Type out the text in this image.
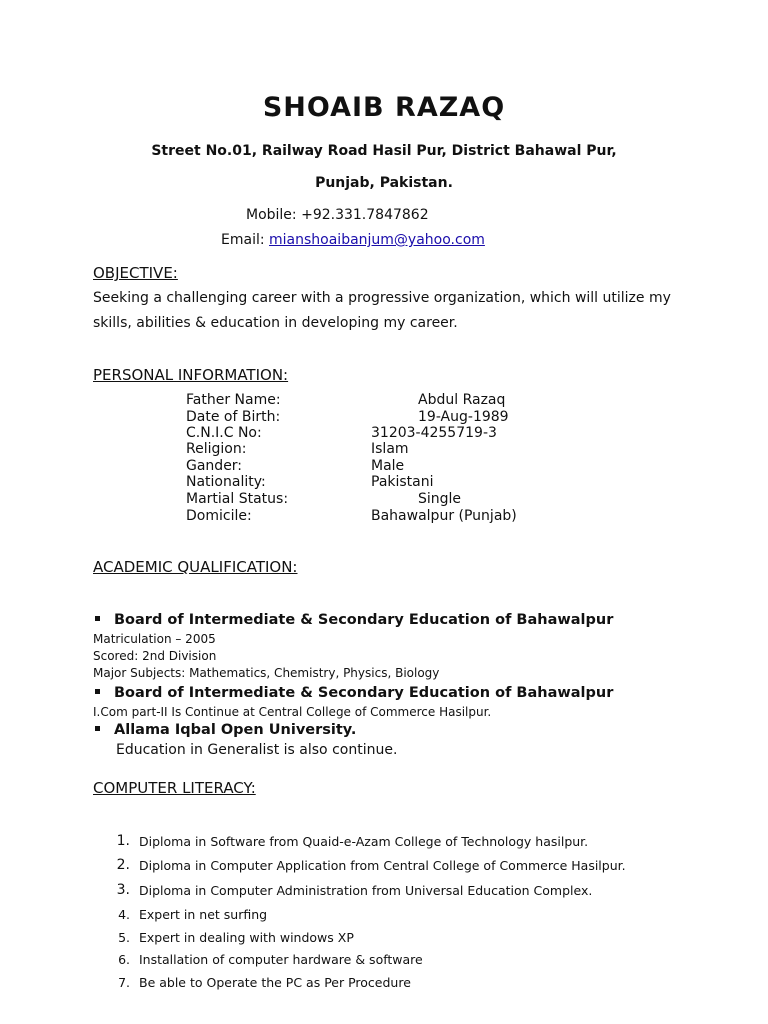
SHOAIB RAZAQ
Street No.01, Railway Road Hasil Pur, District Bahawal Pur,
Punjab, Pakistan.
Mobile: +92.331.7847862
Email: mianshoaibanjum@yahoo.com
OBJECTIVE:
Seeking a challenging career with a progressive organization, which will utilize my skills, abilities & education in developing my career.
PERSONAL INFORMATION:
Father Name:	Abdul Razaq
Date of Birth:	19-Aug-1989
C.N.I.C No:	31203-4255719-3
Religion:	Islam
Gander:	Male
Nationality:	Pakistani
Martial Status:	Single
Domicile:	Bahawalpur (Punjab)
ACADEMIC QUALIFICATION:
Board of Intermediate & Secondary Education of Bahawalpur
Matriculation – 2005
Scored: 2nd Division
Major Subjects: Mathematics, Chemistry, Physics, Biology
Board of Intermediate & Secondary Education of Bahawalpur
I.Com part-II Is Continue at Central College of Commerce Hasilpur.
Allama Iqbal Open University.
Education in Generalist is also continue.
COMPUTER LITERACY:
1. Diploma in Software from Quaid-e-Azam College of Technology hasilpur.
2. Diploma in Computer Application from Central College of Commerce Hasilpur.
3. Diploma in Computer Administration from Universal Education Complex.
4. Expert in net surfing
5. Expert in dealing with windows XP
6. Installation of computer hardware & software
7. Be able to Operate the PC as Per Procedure
